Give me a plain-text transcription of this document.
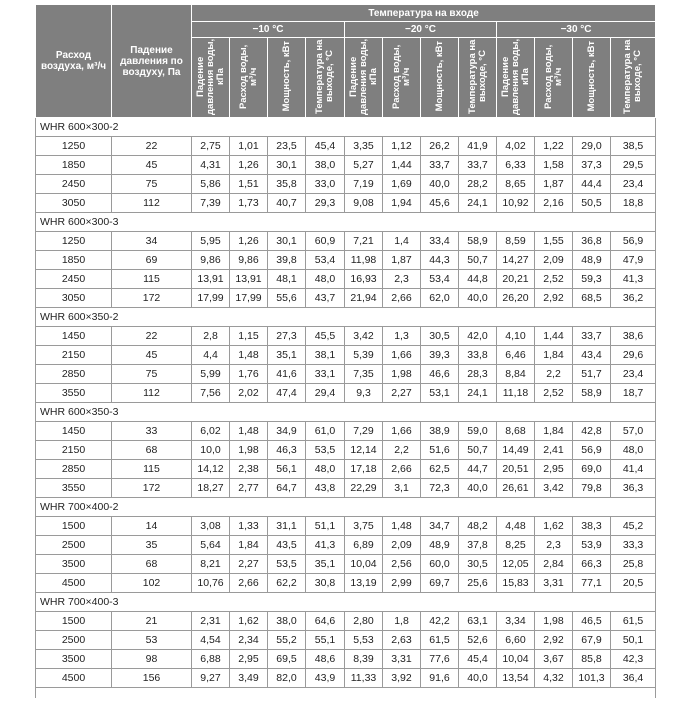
Расход воздуха, м³/ч	Падение давления по воздуху, Па	Температура на входе											
		−10 °C				−20 °C				−30 °C			
		Падение давления воды, кПа	Расход воды, м³/ч	Мощность, кВт	Температура на выходе, °C	Падение давления воды, кПа	Расход воды, м³/ч	Мощность, кВт	Температура на выходе, °C	Падение давления воды, кПа	Расход воды, м³/ч	Мощность, кВт	Температура на выходе, °C
WHR 600×300-2													
1250	22	2,75	1,01	23,5	45,4	3,35	1,12	26,2	41,9	4,02	1,22	29,0	38,5
1850	45	4,31	1,26	30,1	38,0	5,27	1,44	33,7	33,7	6,33	1,58	37,3	29,5
2450	75	5,86	1,51	35,8	33,0	7,19	1,69	40,0	28,2	8,65	1,87	44,4	23,4
3050	112	7,39	1,73	40,7	29,3	9,08	1,94	45,6	24,1	10,92	2,16	50,5	18,8
WHR 600×300-3													
1250	34	5,95	1,26	30,1	60,9	7,21	1,4	33,4	58,9	8,59	1,55	36,8	56,9
1850	69	9,86	9,86	39,8	53,4	11,98	1,87	44,3	50,7	14,27	2,09	48,9	47,9
2450	115	13,91	13,91	48,1	48,0	16,93	2,3	53,4	44,8	20,21	2,52	59,3	41,3
3050	172	17,99	17,99	55,6	43,7	21,94	2,66	62,0	40,0	26,20	2,92	68,5	36,2
WHR 600×350-2													
1450	22	2,8	1,15	27,3	45,5	3,42	1,3	30,5	42,0	4,10	1,44	33,7	38,6
2150	45	4,4	1,48	35,1	38,1	5,39	1,66	39,3	33,8	6,46	1,84	43,4	29,6
2850	75	5,99	1,76	41,6	33,1	7,35	1,98	46,6	28,3	8,84	2,2	51,7	23,4
3550	112	7,56	2,02	47,4	29,4	9,3	2,27	53,1	24,1	11,18	2,52	58,9	18,7
WHR 600×350-3													
1450	33	6,02	1,48	34,9	61,0	7,29	1,66	38,9	59,0	8,68	1,84	42,8	57,0
2150	68	10,0	1,98	46,3	53,5	12,14	2,2	51,6	50,7	14,49	2,41	56,9	48,0
2850	115	14,12	2,38	56,1	48,0	17,18	2,66	62,5	44,7	20,51	2,95	69,0	41,4
3550	172	18,27	2,77	64,7	43,8	22,29	3,1	72,3	40,0	26,61	3,42	79,8	36,3
WHR 700×400-2													
1500	14	3,08	1,33	31,1	51,1	3,75	1,48	34,7	48,2	4,48	1,62	38,3	45,2
2500	35	5,64	1,84	43,5	41,3	6,89	2,09	48,9	37,8	8,25	2,3	53,9	33,3
3500	68	8,21	2,27	53,5	35,1	10,04	2,56	60,0	30,5	12,05	2,84	66,3	25,8
4500	102	10,76	2,66	62,2	30,8	13,19	2,99	69,7	25,6	15,83	3,31	77,1	20,5
WHR 700×400-3													
1500	21	2,31	1,62	38,0	64,6	2,80	1,8	42,2	63,1	3,34	1,98	46,5	61,5
2500	53	4,54	2,34	55,2	55,1	5,53	2,63	61,5	52,6	6,60	2,92	67,9	50,1
3500	98	6,88	2,95	69,5	48,6	8,39	3,31	77,6	45,4	10,04	3,67	85,8	42,3
4500	156	9,27	3,49	82,0	43,9	11,33	3,92	91,6	40,0	13,54	4,32	101,3	36,4
